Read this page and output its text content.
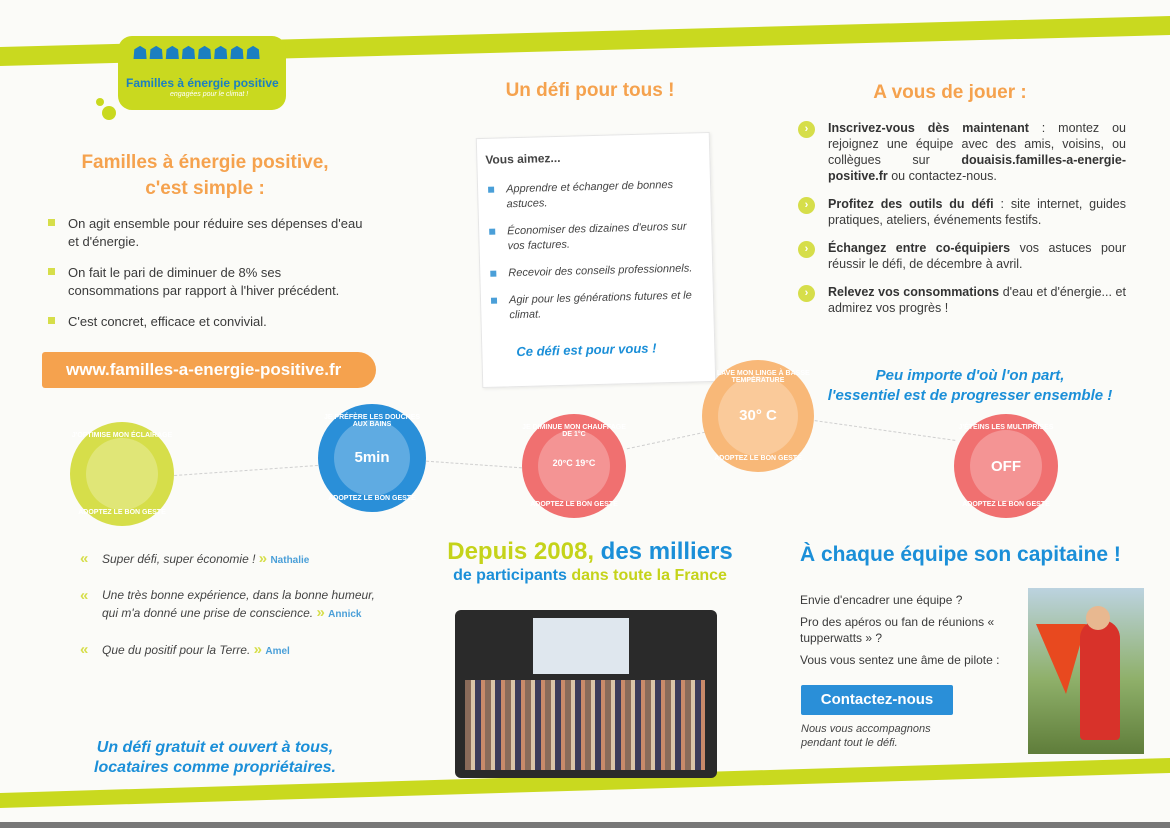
☗☗☗☗☗☗☗☗
Familles à énergie positive
engagées pour le climat !
Familles à énergie positive,
c'est simple :
On agit ensemble pour réduire ses dépenses d'eau et d'énergie.
On fait le pari de diminuer de 8% ses consommations par rapport à l'hiver précédent.
C'est concret, efficace et convivial.
www.familles-a-energie-positive.fr
Un défi pour tous !
Vous aimez...
Apprendre et échanger de bonnes astuces.
Économiser des dizaines d'euros sur vos factures.
Recevoir des conseils professionnels.
Agir pour les générations futures et le climat.
Ce défi est pour vous !
A vous de jouer :
›	Inscrivez-vous dès maintenant : montez ou rejoignez une équipe avec des amis, voisins, ou collègues sur douaisis.familles-a-energie-positive.fr ou contactez-nous.
›	Profitez des outils du défi : site internet, guides pratiques, ateliers, événements festifs.
›	Échangez entre co-équipiers vos astuces pour réussir le défi, de décembre à avril.
›	Relevez vos consommations d'eau et d'énergie... et admirez vos progrès !
Peu importe d'où l'on part,
l'essentiel est de progresser ensemble !
J'OPTIMISE MON ÉCLAIRAGE
ADOPTEZ LE BON GESTE
JE PRÉFÈRE LES DOUCHES AUX BAINS
5min
ADOPTEZ LE BON GESTE
JE DIMINUE MON CHAUFFAGE DE 1°C
20°C 19°C
ADOPTEZ LE BON GESTE
JE LAVE MON LINGE À BASSE TEMPÉRATURE
30° C
ADOPTEZ LE BON GESTE
J'ÉTEINS LES MULTIPRISES
OFF
ADOPTEZ LE BON GESTE
« Super défi, super économie ! » Nathalie
« Une très bonne expérience, dans la bonne humeur, qui m'a donné une prise de conscience. » Annick
« Que du positif pour la Terre. » Amel
Un défi gratuit et ouvert à tous,
locataires comme propriétaires.
Depuis 2008, des milliers
de participants dans toute la France
À chaque équipe son capitaine !

Envie d'encadrer une équipe ?

Pro des apéros ou fan de réunions « tupperwatts » ?

Vous vous sentez une âme de pilote :

Contactez-nous
Nous vous accompagnons pendant tout le défi.
